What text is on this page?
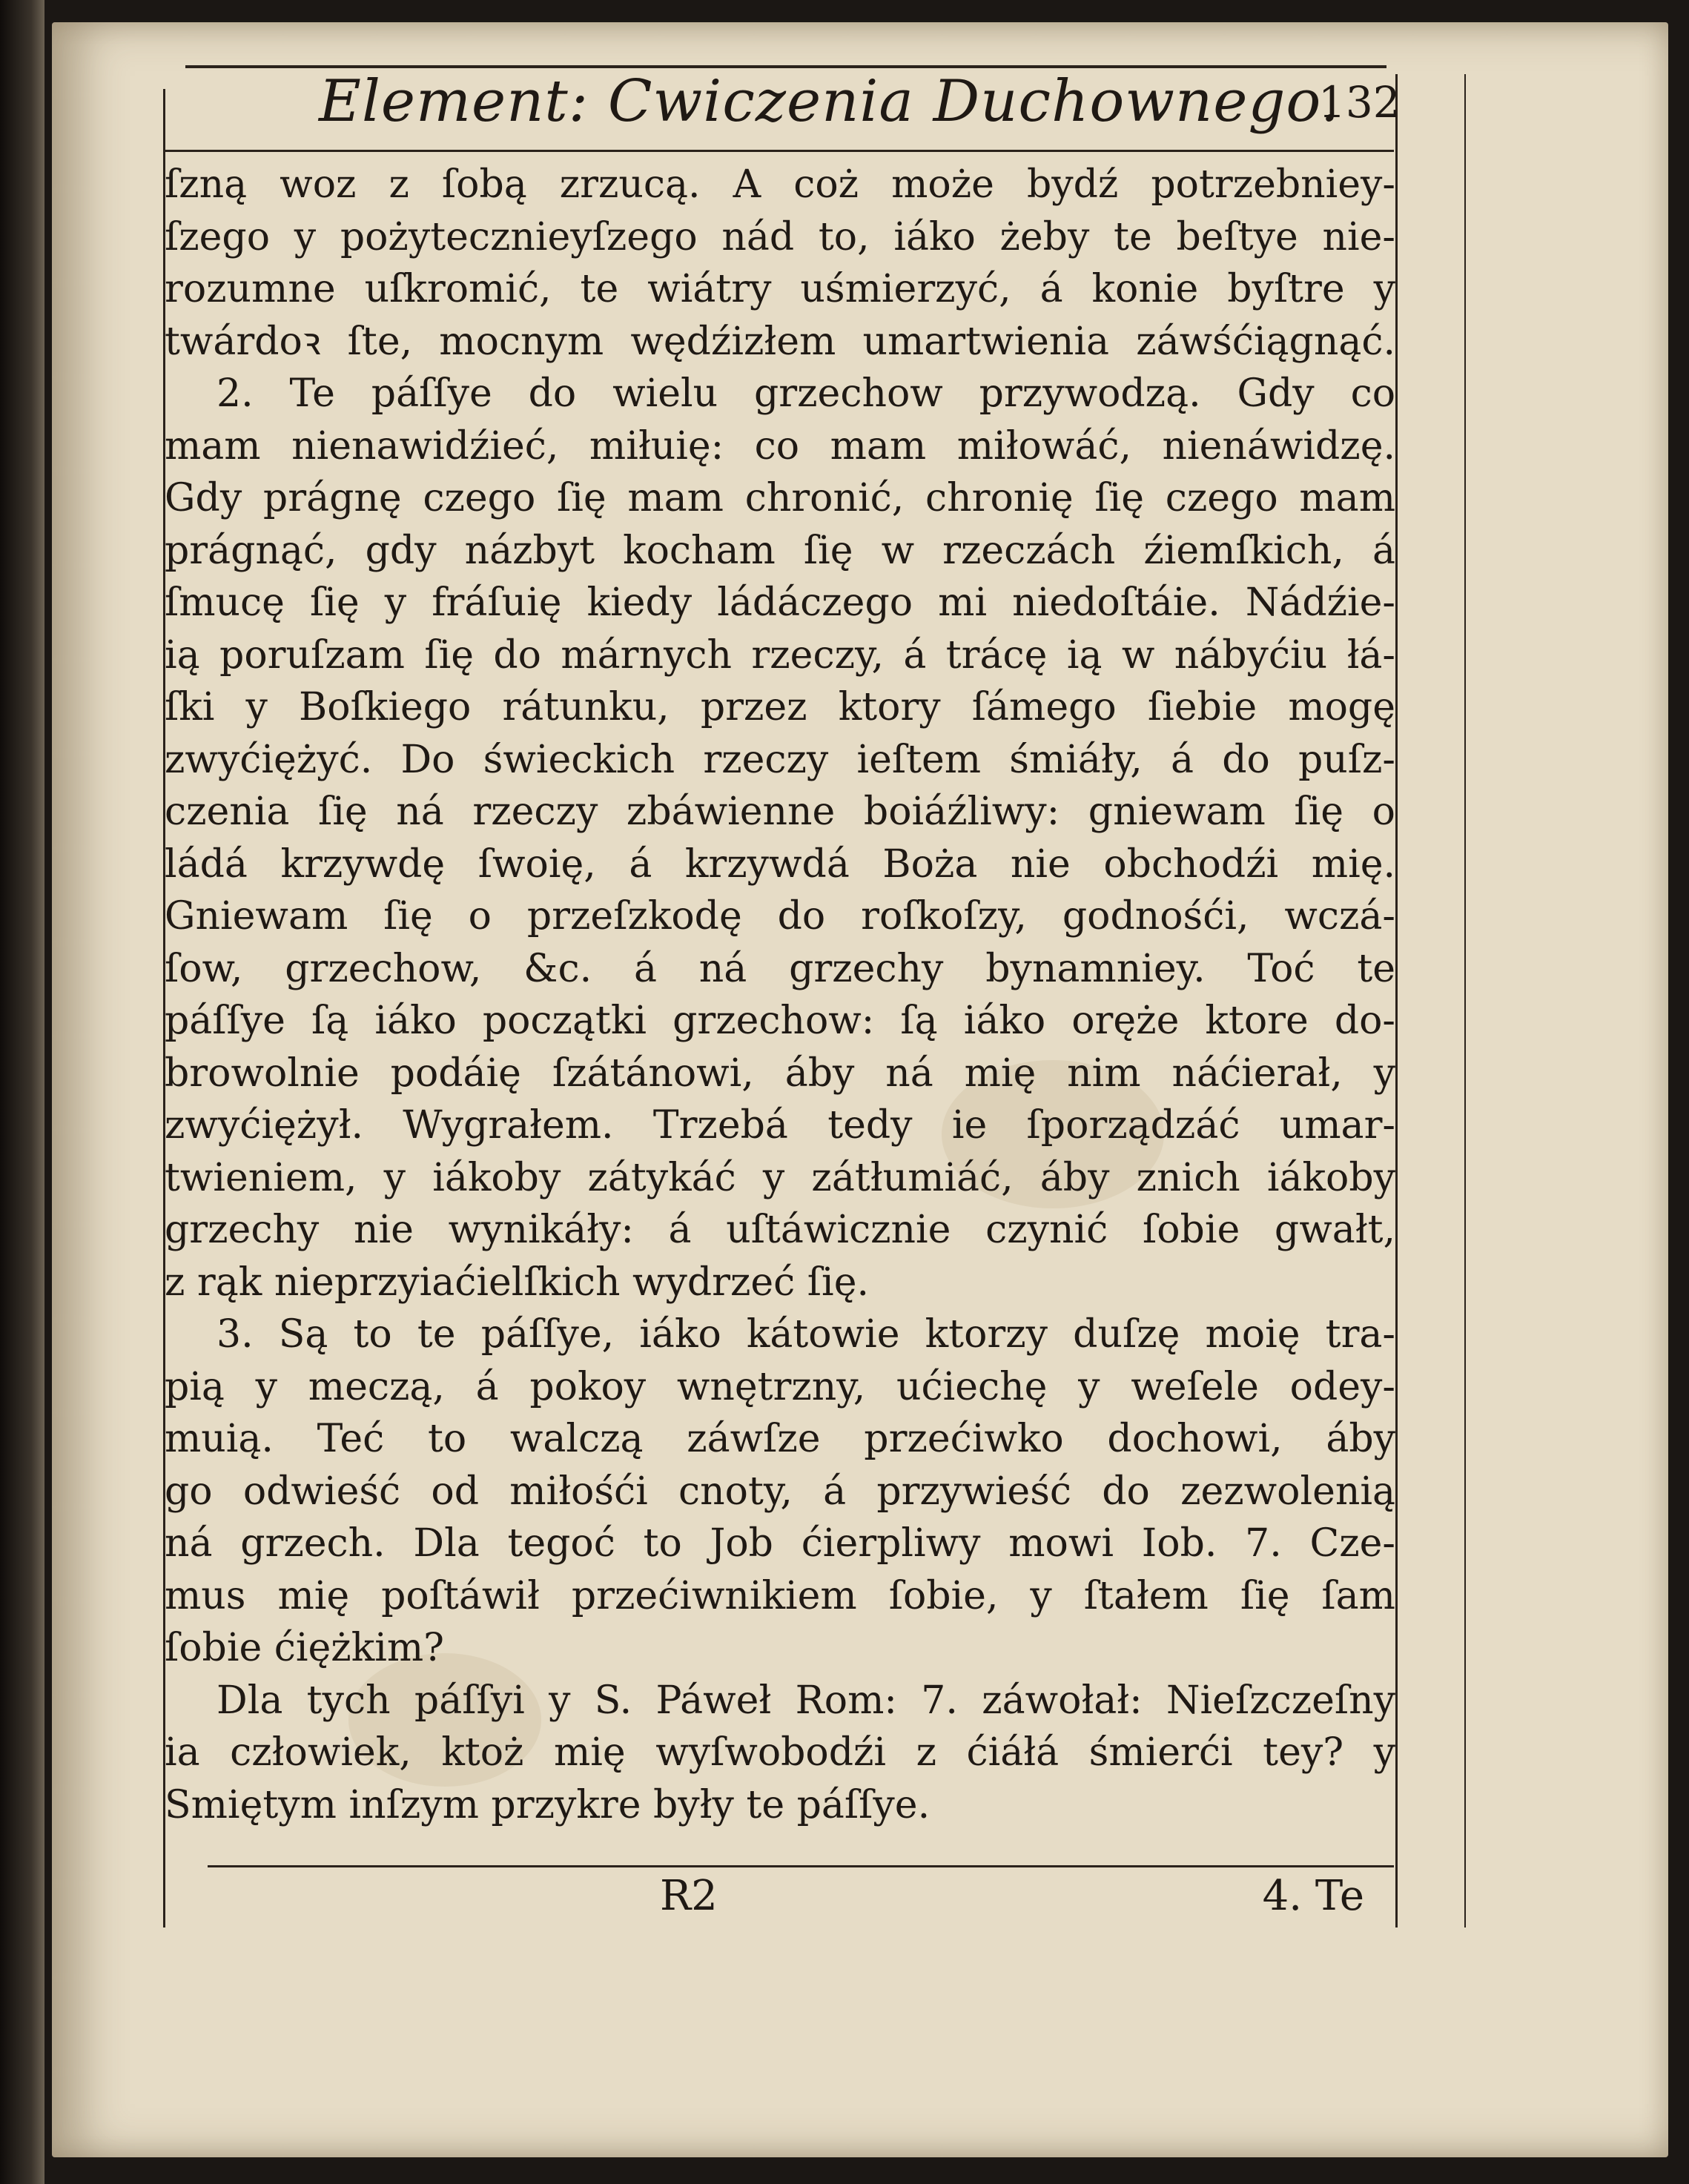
Element: Cwiczenia Duchownego.
132
ſzną woz z ſobą zrzucą. A coż może bydź potrzebniey-
ſzego y pożytecznieyſzego nád to, iáko żeby te beſtye nie-
rozumne uſkromić, te wiátry uśmierzyć, á konie byſtre y
twárdoꝛ ſte, mocnym wędźizłem umartwienia záwśćiągnąć.
2. Te páſſye do wielu grzechow przywodzą. Gdy co
mam nienawidźieć, miłuię: co mam miłowáć, nienáwidzę.
Gdy prágnę czego ſię mam chronić, chronię ſię czego mam
prágnąć, gdy názbyt kocham ſię w rzeczách źiemſkich, á
ſmucę ſię y fráſuię kiedy ládáczego mi niedoſtáie. Nádźie-
ią poruſzam ſię do márnych rzeczy, á trácę ią w nábyćiu łá-
ſki y Boſkiego rátunku, przez ktory ſámego ſiebie mogę
zwyćiężyć. Do świeckich rzeczy ieſtem śmiáły, á do puſz-
czenia ſię ná rzeczy zbáwienne boiáźliwy: gniewam ſię o
ládá krzywdę ſwoię, á krzywdá Boża nie obchodźi mię.
Gniewam ſię o przeſzkodę do roſkoſzy, godnośći, wczá-
ſow, grzechow, &c. á ná grzechy bynamniey. Toć te
páſſye ſą iáko początki grzechow: ſą iáko oręże ktore do-
browolnie podáię ſzátánowi, áby ná mię nim náćierał, y
zwyćiężył. Wygrałem. Trzebá tedy ie ſporządzáć umar-
twieniem, y iákoby zátykáć y zátłumiáć, áby znich iákoby
grzechy nie wynikáły: á uſtáwicznie czynić ſobie gwałt,
z rąk nieprzyiaćielſkich wydrzeć ſię.
3. Są to te páſſye, iáko kátowie ktorzy duſzę moię tra-
pią y meczą, á pokoy wnętrzny, ućiechę y weſele odey-
muią. Teć to walczą záwſze przećiwko dochowi, áby
go odwieść od miłośći cnoty, á przywieść do zezwolenią
ná grzech. Dla tegoć to Job ćierpliwy mowi Iob. 7. Cze-
mus mię poſtáwił przećiwnikiem ſobie, y ſtałem ſię ſam
ſobie ćiężkim?
Dla tych páſſyi y S. Páweł Rom: 7. záwołał: Nieſzczeſny
ia człowiek, ktoż mię wyſwobodźi z ćiáłá śmierći tey? y
Smiętym inſzym przykre były te páſſye.
R2	4. Te
